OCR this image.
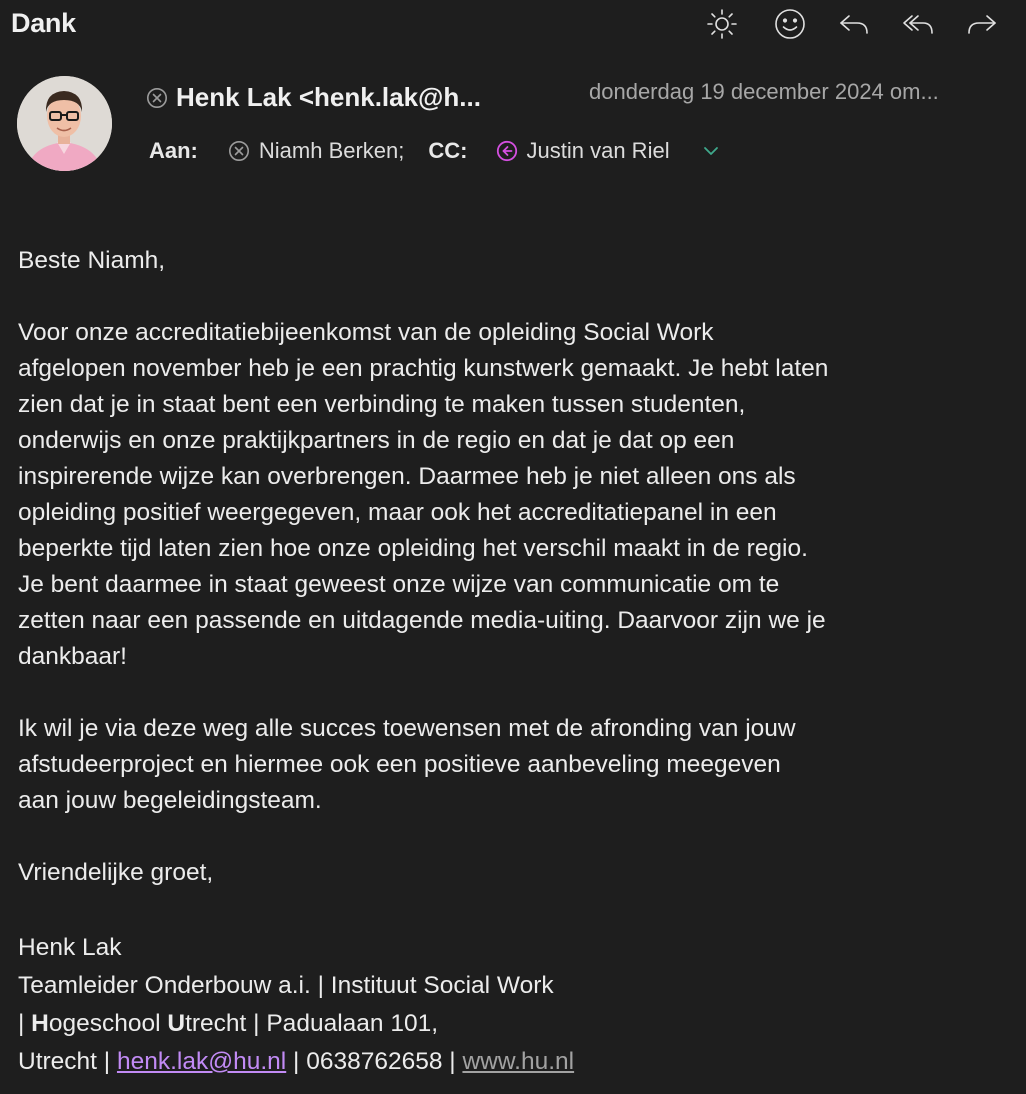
Dank
Henk Lak <henk.lak@h...	donderdag 19 december 2024 om...
Aan:	Niamh Berken; CC:	Justin van Riel

Beste Niamh,

Voor onze accreditatiebijeenkomst van de opleiding Social Work

afgelopen november heb je een prachtig kunstwerk gemaakt. Je hebt laten

zien dat je in staat bent een verbinding te maken tussen studenten,

onderwijs en onze praktijkpartners in de regio en dat je dat op een

inspirerende wijze kan overbrengen. Daarmee heb je niet alleen ons als

opleiding positief weergegeven, maar ook het accreditatiepanel in een

beperkte tijd laten zien hoe onze opleiding het verschil maakt in de regio.

Je bent daarmee in staat geweest onze wijze van communicatie om te

zetten naar een passende en uitdagende media-uiting. Daarvoor zijn we je

dankbaar!

Ik wil je via deze weg alle succes toewensen met de afronding van jouw

afstudeerproject en hiermee ook een positieve aanbeveling meegeven

aan jouw begeleidingsteam.

Vriendelijke groet,

Henk Lak

Teamleider Onderbouw a.i. | Instituut Social Work

| Hogeschool Utrecht | Padualaan 101,

Utrecht | henk.lak@hu.nl | 0638762658 | www.hu.nl
